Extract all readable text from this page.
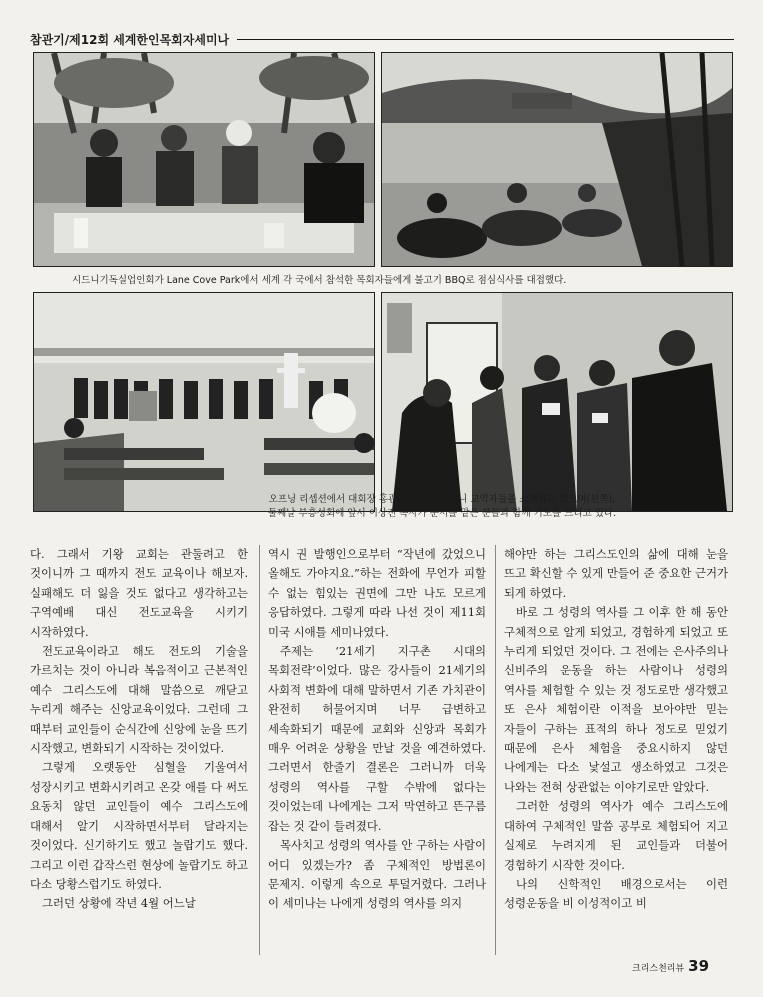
참관기/제12회 세계한인목회자세미나
시드니기독실업인회가 Lane Cove Park에서 세계 각 국에서 참석한 목회자들에게 불고기 BBQ로 점심식사를 대접했다.
오프닝 리셉션에서 대회장 홍관표 목사가 시드니 교역자들을 소개하고 있으며(왼쪽),
둘째날 부흥성회에 앞서 이상진 목사가 순서를 맡은 분들과 함께 기도를 드리고 있다.

다. 그래서 기왕 교회는 관둘려고 한 것이니까 그 때까지 전도 교육이나 해보자. 실패해도 더 잃을 것도 없다고 생각하고는 구역예배 대신 전도교육을 시키기 시작하였다.

전도교육이라고 해도 전도의 기술을 가르치는 것이 아니라 복음적이고 근본적인 예수 그리스도에 대해 말씀으로 깨닫고 누리게 해주는 신앙교육이었다. 그런데 그 때부터 교인들이 순식간에 신앙에 눈을 뜨기 시작했고, 변화되기 시작하는 것이었다.

그렇게 오랫동안 심혈을 기울여서 성장시키고 변화시키려고 온갖 애를 다 써도 요동치 않던 교인들이 예수 그리스도에 대해서 알기 시작하면서부터 달라지는 것이었다. 신기하기도 했고 놀랍기도 했다. 그리고 이런 갑작스런 현상에 놀랍기도 하고 다소 당황스럽기도 하였다.

그러던 상황에 작년 4월 어느날

역시 권 발행인으로부터 “작년에 갔었으니 올해도 가야지요.”하는 전화에 무언가 피할 수 없는 힘있는 권면에 그만 나도 모르게 응답하였다. 그렇게 따라 나선 것이 제11회 미국 시애틀 세미나였다.

주제는 ‘21세기 지구촌 시대의 목회전략’이었다. 많은 강사들이 21세기의 사회적 변화에 대해 말하면서 기존 가치관이 완전히 허물어지며 너무 급변하고 세속화되기 때문에 교회와 신앙과 목회가 매우 어려운 상황을 만날 것을 예견하였다. 그러면서 한줄기 결론은 그러니까 더욱 성령의 역사를 구할 수밖에 없다는 것이었는데 나에게는 그저 막연하고 뜬구름 잡는 것 같이 들려졌다.

목사치고 성령의 역사를 안 구하는 사람이 어디 있겠는가? 좀 구체적인 방법론이 문제지. 이렇게 속으로 투덜거렸다. 그러나 이 세미나는 나에게 성령의 역사를 의지

해야만 하는 그리스도인의 삶에 대해 눈을 뜨고 확신할 수 있게 만들어 준 중요한 근거가 되게 하였다.

바로 그 성령의 역사를 그 이후 한 해 동안 구체적으로 알게 되었고, 경험하게 되었고 또 누리게 되었던 것이다. 그 전에는 은사주의나 신비주의 운동을 하는 사람이나 성령의 역사를 체험할 수 있는 것 정도로만 생각했고 또 은사 체험이란 이적을 보아야만 믿는 자들이 구하는 표적의 하나 정도로 믿었기 때문에 은사 체험을 중요시하지 않던 나에게는 다소 낯설고 생소하였고 그것은 나와는 전혀 상관없는 이야기로만 알았다.

그러한 성령의 역사가 예수 그리스도에 대하여 구체적인 말씀 공부로 체험되어 지고 실제로 누려지게 된 교인들과 더불어 경험하기 시작한 것이다.

나의 신학적인 배경으로서는 이런 성령운동을 비 이성적이고 비

크리스천리뷰 39
